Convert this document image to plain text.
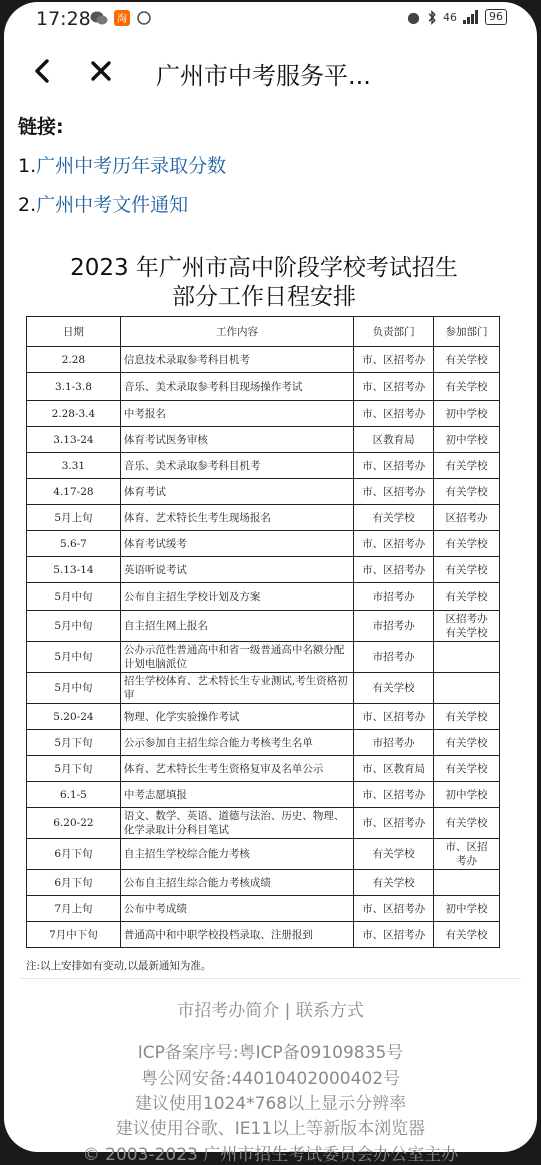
17:28	淘	46	96
广州市中考服务平...
链接:
1.广州中考历年录取分数
2.广州中考文件通知
2023 年广州市高中阶段学校考试招生
部分工作日程安排
日期	工作内容	负责部门	参加部门
2.28	信息技术录取参考科目机考	市、区招考办	有关学校
3.1-3.8	音乐、美术录取参考科目现场操作考试	市、区招考办	有关学校
2.28-3.4	中考报名	市、区招考办	初中学校
3.13-24	体育考试医务审核	区教育局	初中学校
3.31	音乐、美术录取参考科目机考	市、区招考办	有关学校
4.17-28	体育考试	市、区招考办	有关学校
5月上旬	体育、艺术特长生考生现场报名	有关学校	区招考办
5.6-7	体育考试缓考	市、区招考办	有关学校
5.13-14	英语听说考试	市、区招考办	有关学校
5月中旬	公布自主招生学校计划及方案	市招考办	有关学校
5月中旬	自主招生网上报名	市招考办	区招考办
有关学校
5月中旬	公办示范性普通高中和省一级普通高中名额分配计划电脑派位	市招考办	
5月中旬	招生学校体育、艺术特长生专业测试,考生资格初审	有关学校	
5.20-24	物理、化学实验操作考试	市、区招考办	有关学校
5月下旬	公示参加自主招生综合能力考核考生名单	市招考办	有关学校
5月下旬	体育、艺术特长生考生资格复审及名单公示	市、区教育局	有关学校
6.1-5	中考志愿填报	市、区招考办	初中学校
6.20-22	语文、数学、英语、道德与法治、历史、物理、化学录取计分科目笔试	市、区招考办	有关学校
6月下旬	自主招生学校综合能力考核	有关学校	市、区招
考办
6月下旬	公布自主招生综合能力考核成绩	有关学校	
7月上旬	公布中考成绩	市、区招考办	初中学校
7月中下旬	普通高中和中职学校投档录取、注册报到	市、区招考办	有关学校
注:以上安排如有变动,以最新通知为准。
市招考办简介 | 联系方式
ICP备案序号:粤ICP备09109835号
粤公网安备:44010402000402号
建议使用1024*768以上显示分辨率
建议使用谷歌、IE11以上等新版本浏览器
© 2003-2023 广州市招生考试委员会办公室主办
